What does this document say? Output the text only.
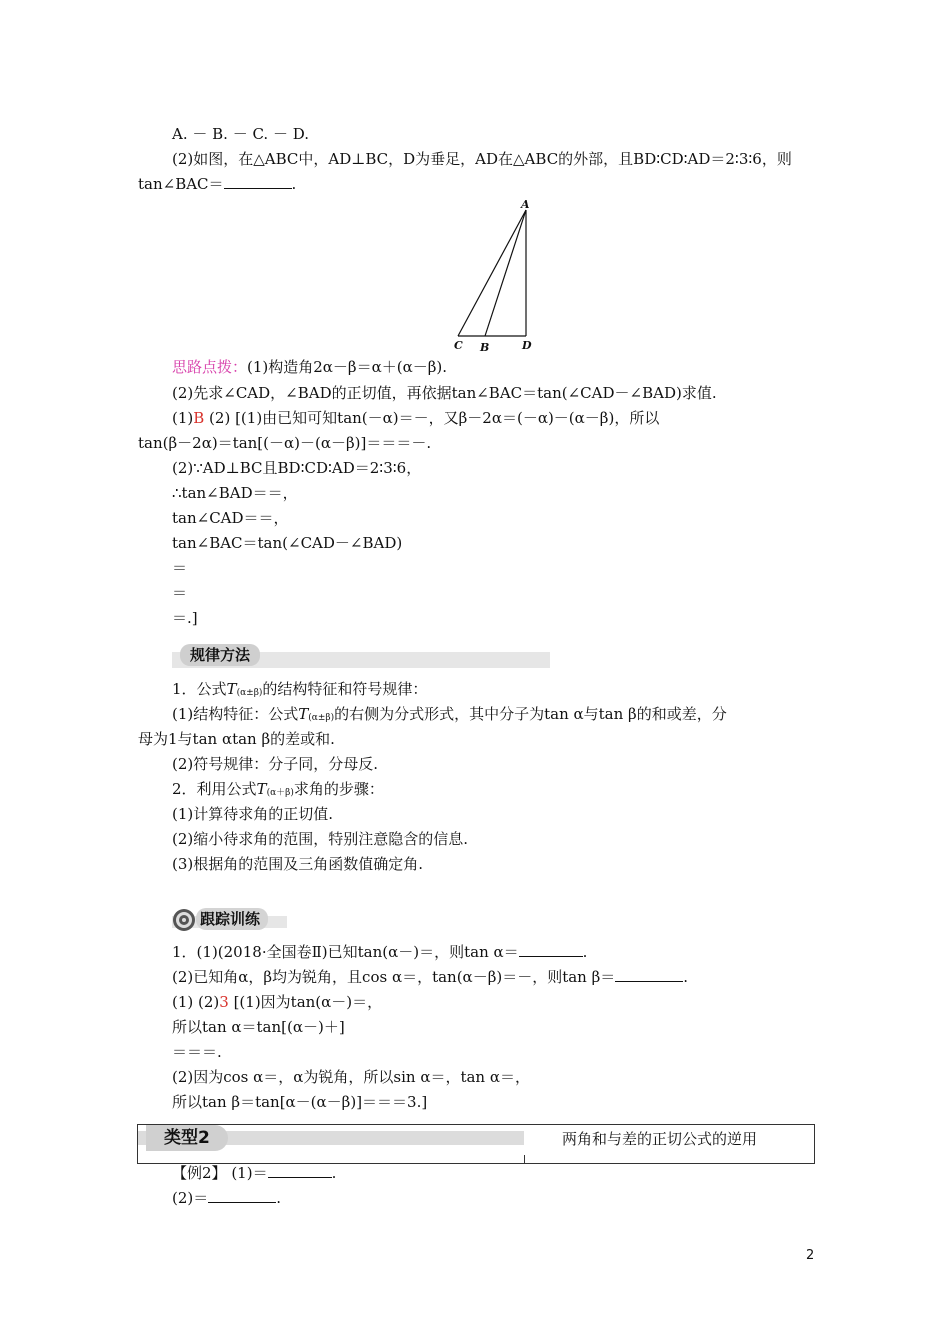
A. － B. － C. － D.
(2)如图，在△ABC中，AD⊥BC，D为垂足，AD在△ABC的外部，且BD∶CD∶AD＝2∶3∶6，则
tan∠BAC＝	.
A
C B	D
思路点拨：(1)构造角2α－β＝α＋(α－β).
(2)先求∠CAD，∠BAD的正切值，再依据tan∠BAC＝tan(∠CAD－∠BAD)求值.
(1)B (2) [(1)由已知可知tan(－α)＝－，又β－2α＝(－α)－(α－β)，所以
tan(β－2α)＝tan[(－α)－(α－β)]＝＝＝－.
(2)∵AD⊥BC且BD∶CD∶AD＝2∶3∶6，
∴tan∠BAD＝＝，
tan∠CAD＝＝，
tan∠BAC＝tan(∠CAD－∠BAD)
＝
＝
＝.]
规律方法
1．公式T(α±β)的结构特征和符号规律：
(1)结构特征：公式T(α±β)的右侧为分式形式，其中分子为tan α与tan β的和或差，分
母为1与tan αtan β的差或和.
(2)符号规律：分子同，分母反.
2．利用公式T(α＋β)求角的步骤：
(1)计算待求角的正切值.
(2)缩小待求角的范围，特别注意隐含的信息.
(3)根据角的范围及三角函数值确定角.
跟踪训练
1．(1)(2018·全国卷Ⅱ)已知tan(α－)＝，则tan α＝	.
(2)已知角α，β均为锐角，且cos α＝，tan(α－β)＝－，则tan β＝	.
(1) (2)3 [(1)因为tan(α－)＝，
所以tan α＝tan[(α－)＋]
＝＝＝.
(2)因为cos α＝，α为锐角，所以sin α＝，tan α＝，
所以tan β＝tan[α－(α－β)]＝＝＝3.]
类型2	两角和与差的正切公式的逆用
【例2】 (1)＝	.
(2)＝	.
2
